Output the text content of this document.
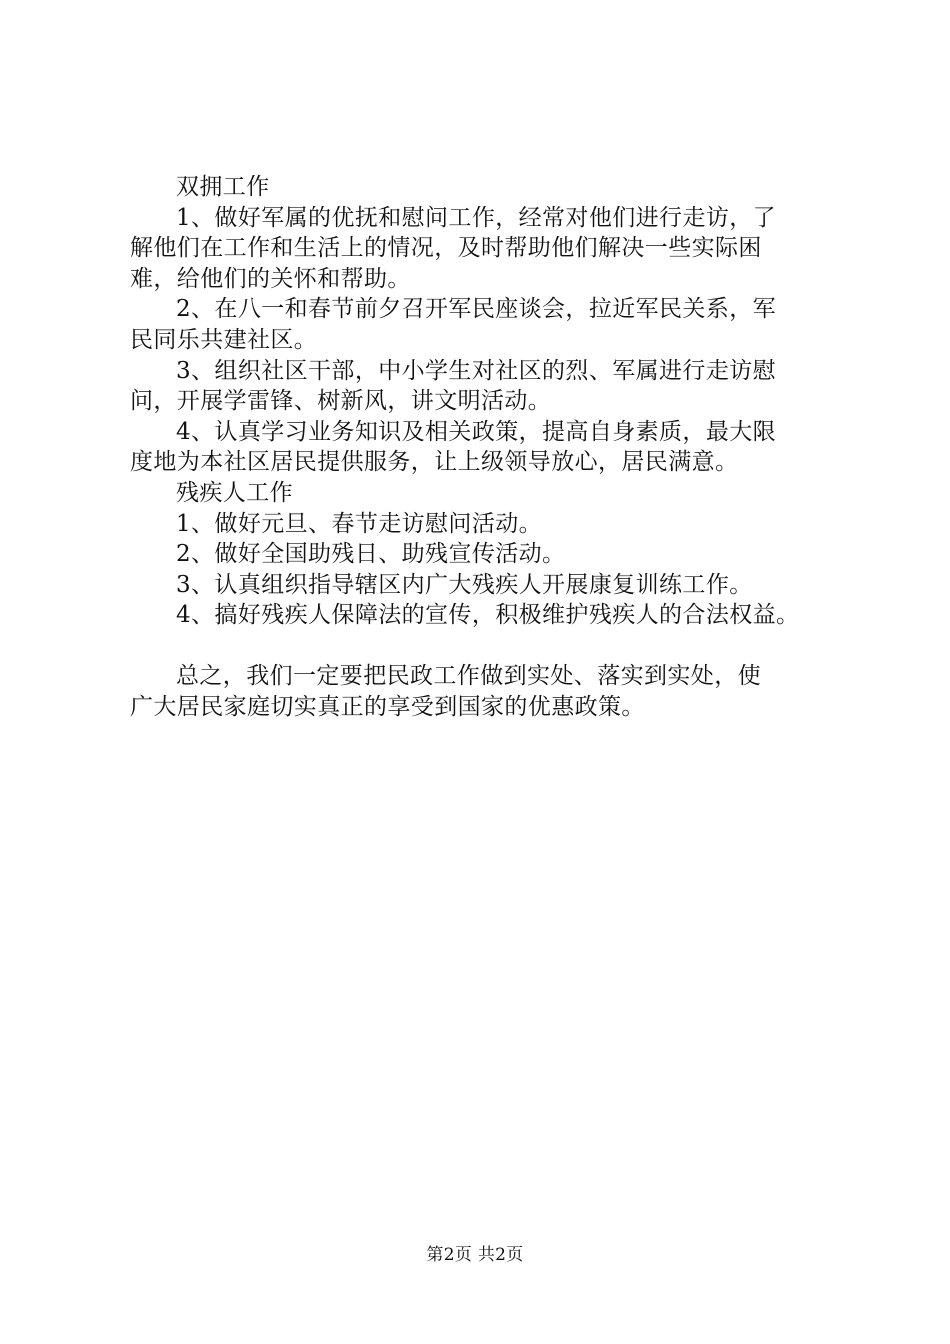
双拥工作
1、做好军属的优抚和慰问工作，经常对他们进行走访，了
解他们在工作和生活上的情况，及时帮助他们解决一些实际困
难，给他们的关怀和帮助。
2、在八一和春节前夕召开军民座谈会，拉近军民关系，军
民同乐共建社区。
3、组织社区干部，中小学生对社区的烈、军属进行走访慰
问，开展学雷锋、树新风，讲文明活动。
4、认真学习业务知识及相关政策，提高自身素质，最大限
度地为本社区居民提供服务，让上级领导放心，居民满意。
残疾人工作
1、做好元旦、春节走访慰问活动。
2、做好全国助残日、助残宣传活动。
3、认真组织指导辖区内广大残疾人开展康复训练工作。
4、搞好残疾人保障法的宣传，积极维护残疾人的合法权益。
总之，我们一定要把民政工作做到实处、落实到实处，使
广大居民家庭切实真正的享受到国家的优惠政策。
第2页 共2页
